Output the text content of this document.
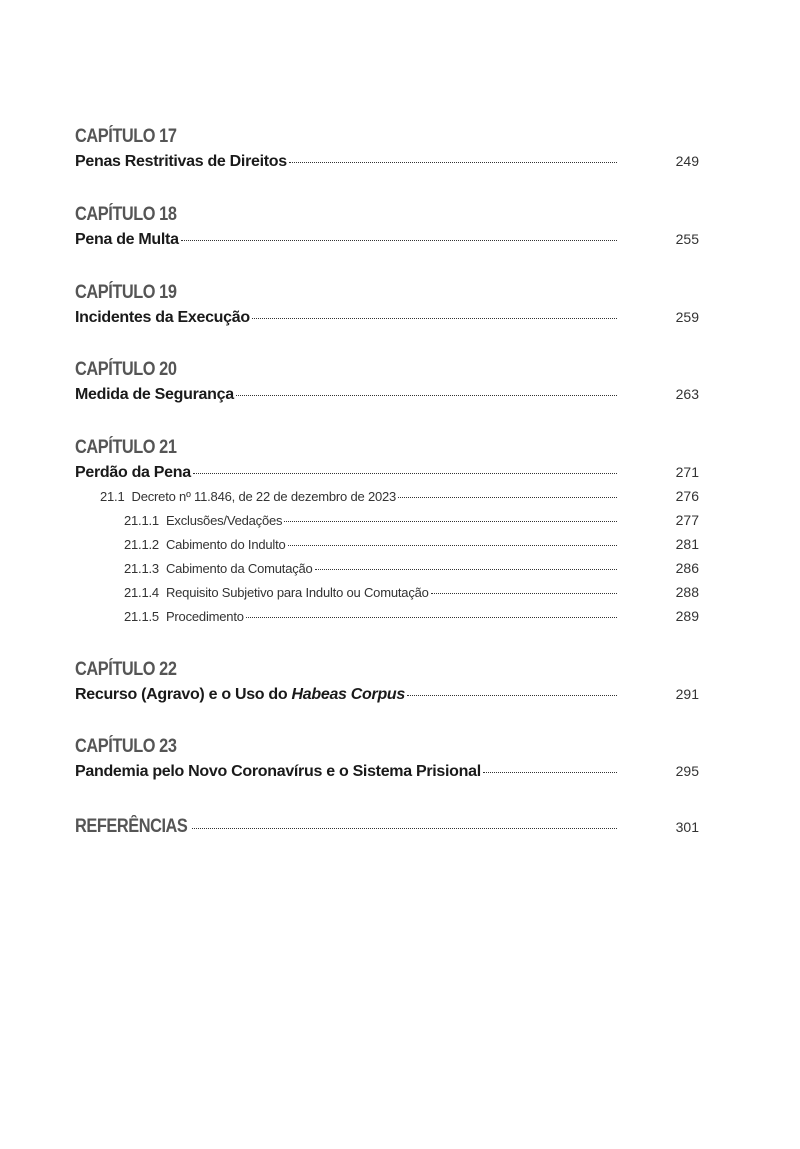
CAPÍTULO 17
Penas Restritivas de Direitos	249
CAPÍTULO 18
Pena de Multa	255
CAPÍTULO 19
Incidentes da Execução	259
CAPÍTULO 20
Medida de Segurança	263
CAPÍTULO 21
Perdão da Pena	271
21.1 Decreto nº 11.846, de 22 de dezembro de 2023	276
21.1.1 Exclusões/Vedações	277
21.1.2 Cabimento do Indulto	281
21.1.3 Cabimento da Comutação	286
21.1.4 Requisito Subjetivo para Indulto ou Comutação	288
21.1.5 Procedimento	289
CAPÍTULO 22
Recurso (Agravo) e o Uso do Habeas Corpus	291
CAPÍTULO 23
Pandemia pelo Novo Coronavírus e o Sistema Prisional	295
REFERÊNCIAS	301
